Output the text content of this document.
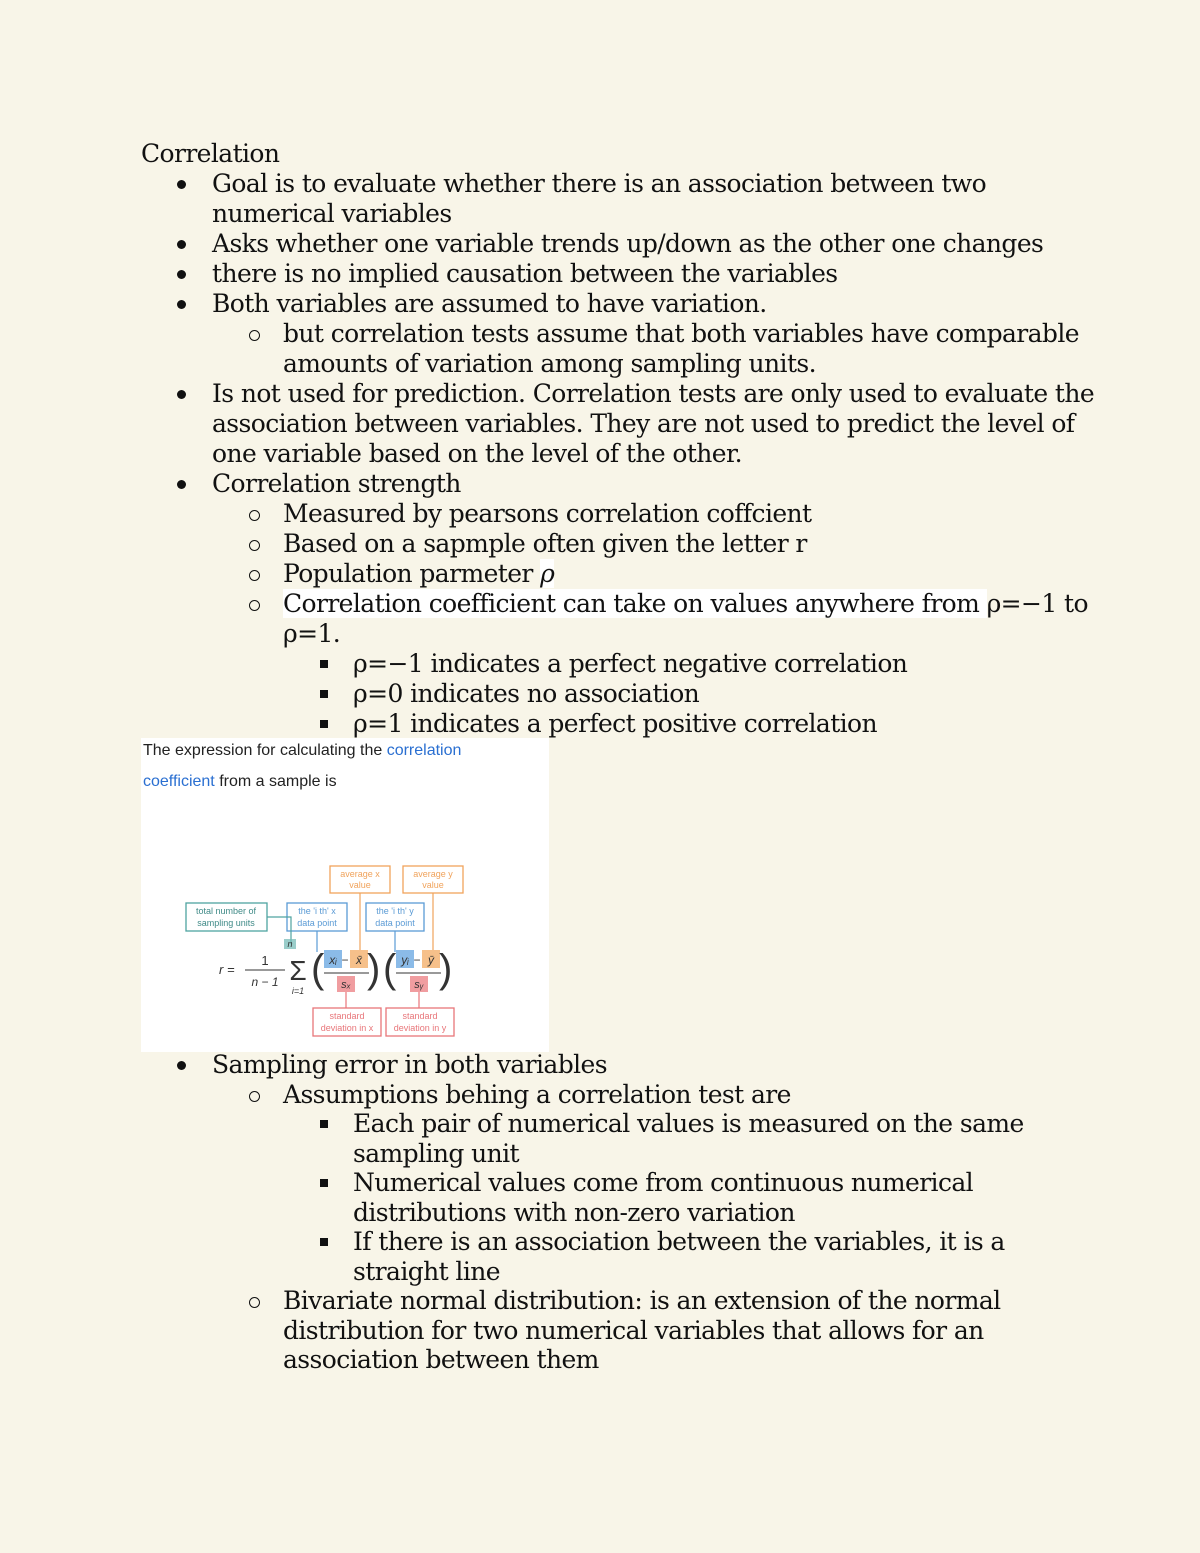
Correlation
Goal is to evaluate whether there is an association between two
numerical variables
Asks whether one variable trends up/down as the other one changes
there is no implied causation between the variables
Both variables are assumed to have variation.
but correlation tests assume that both variables have comparable
amounts of variation among sampling units.
Is not used for prediction. Correlation tests are only used to evaluate the
association between variables. They are not used to predict the level of
one variable based on the level of the other.
Correlation strength
Measured by pearsons correlation coffcient
Based on a sapmple often given the letter r
Population parmeter ρ
Correlation coefficient can take on values anywhere from ρ=−1 to
ρ=1.
ρ=−1 indicates a perfect negative correlation
ρ=0 indicates no association
ρ=1 indicates a perfect positive correlation
The expression for calculating the correlation
coefficient from a sample is
average x
value
average y
value
total number of
sampling units
the 'i th' x
data point
the 'i th' y
data point
r =
1
n − 1
n
Σ
i=1 ( xᵢ − x̄
sₓ ) ( yᵢ − ȳ
sᵧ )
standard
deviation in x
standard
deviation in y
Sampling error in both variables
Assumptions behing a correlation test are
Each pair of numerical values is measured on the same
sampling unit
Numerical values come from continuous numerical
distributions with non-zero variation
If there is an association between the variables, it is a
straight line
Bivariate normal distribution: is an extension of the normal
distribution for two numerical variables that allows for an
association between them
